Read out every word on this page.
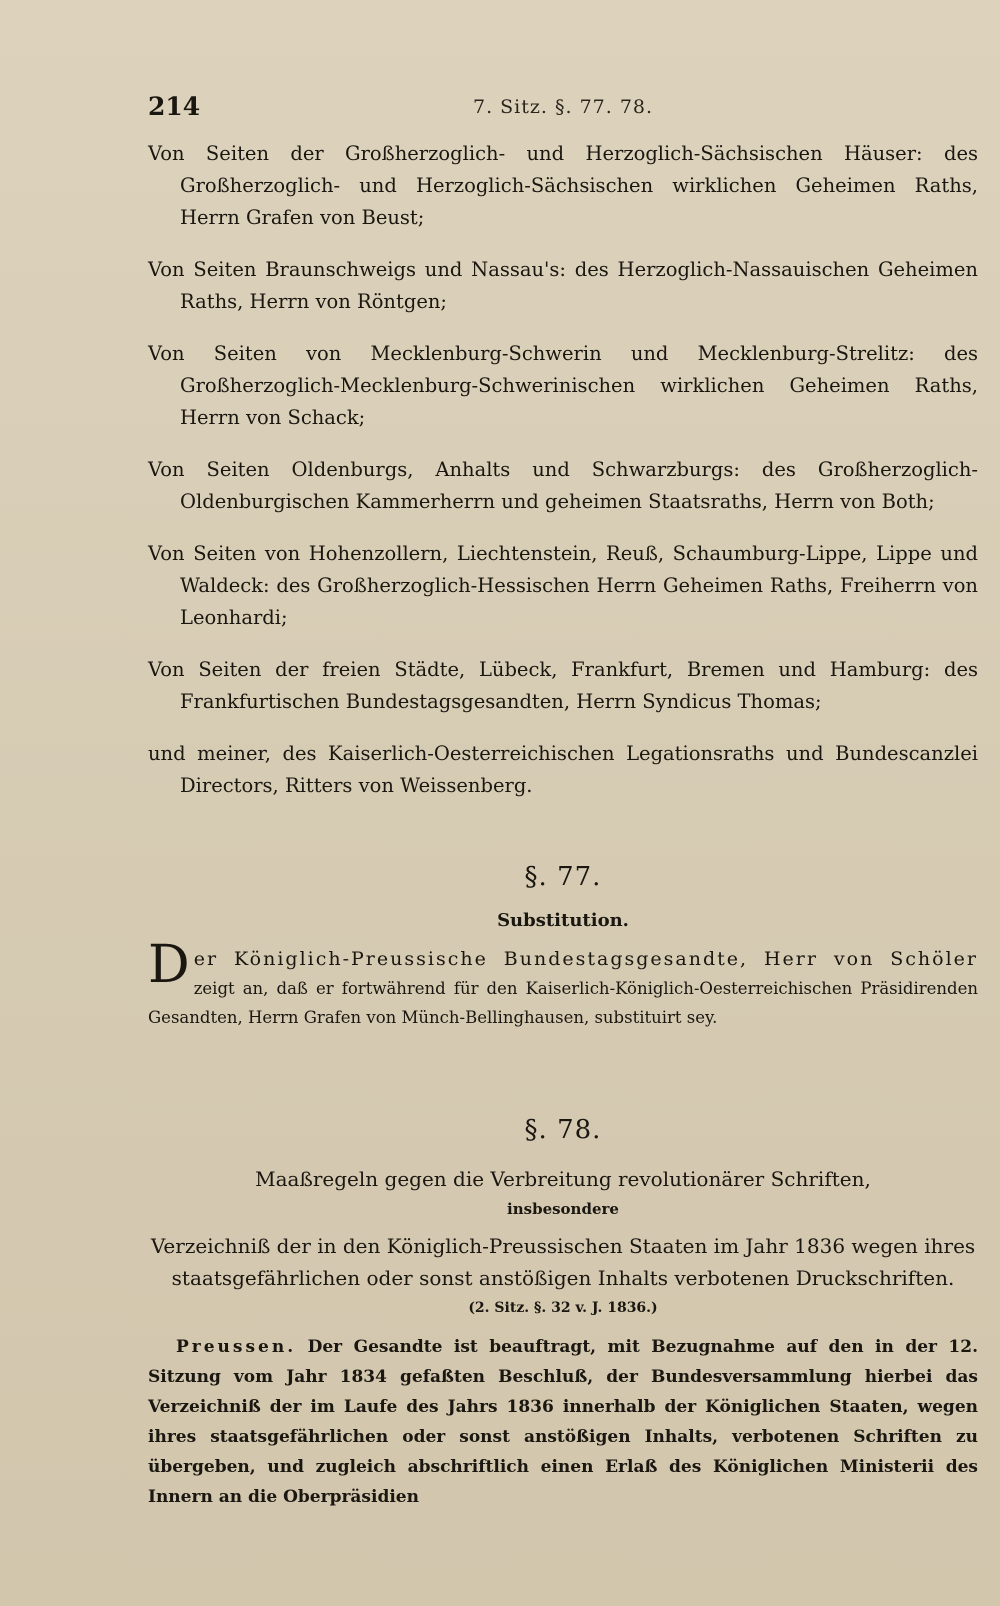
214	7. Sitz. §. 77. 78.

Von Seiten der Großherzoglich- und Herzoglich-Sächsischen Häuser: des Großherzoglich- und Herzoglich-Sächsischen wirklichen Geheimen Raths, Herrn Grafen von Beust;

Von Seiten Braunschweigs und Nassau's: des Herzoglich-Nassauischen Geheimen Raths, Herrn von Röntgen;

Von Seiten von Mecklenburg-Schwerin und Mecklenburg-Strelitz: des Großherzoglich-Mecklenburg-Schwerinischen wirklichen Geheimen Raths, Herrn von Schack;

Von Seiten Oldenburgs, Anhalts und Schwarzburgs: des Großherzoglich-Oldenburgischen Kammerherrn und geheimen Staatsraths, Herrn von Both;

Von Seiten von Hohenzollern, Liechtenstein, Reuß, Schaumburg-Lippe, Lippe und Waldeck: des Großherzoglich-Hessischen Herrn Geheimen Raths, Freiherrn von Leonhardi;

Von Seiten der freien Städte, Lübeck, Frankfurt, Bremen und Hamburg: des Frankfurtischen Bundestagsgesandten, Herrn Syndicus Thomas;

und meiner, des Kaiserlich-Oesterreichischen Legationsraths und Bundescanzlei Directors, Ritters von Weissenberg.

§. 77.
Substitution.
D er Königlich-Preussische Bundestagsgesandte, Herr von Schöler zeigt an, daß er fortwährend für den Kaiserlich-Königlich-Oesterreichischen Präsidirenden Gesandten, Herrn Grafen von Münch-Bellinghausen, substituirt sey.
§. 78.
Maaßregeln gegen die Verbreitung revolutionärer Schriften,
insbesondere
Verzeichniß der in den Königlich-Preussischen Staaten im Jahr 1836 wegen ihres staatsgefährlichen oder sonst anstößigen Inhalts verbotenen Druckschriften.
(2. Sitz. §. 32 v. J. 1836.)
Preussen. Der Gesandte ist beauftragt, mit Bezugnahme auf den in der 12. Sitzung vom Jahr 1834 gefaßten Beschluß, der Bundesversammlung hierbei das Verzeichniß der im Laufe des Jahrs 1836 innerhalb der Königlichen Staaten, wegen ihres staatsgefährlichen oder sonst anstößigen Inhalts, verbotenen Schriften zu übergeben, und zugleich abschriftlich einen Erlaß des Königlichen Ministerii des Innern an die Oberpräsidien
